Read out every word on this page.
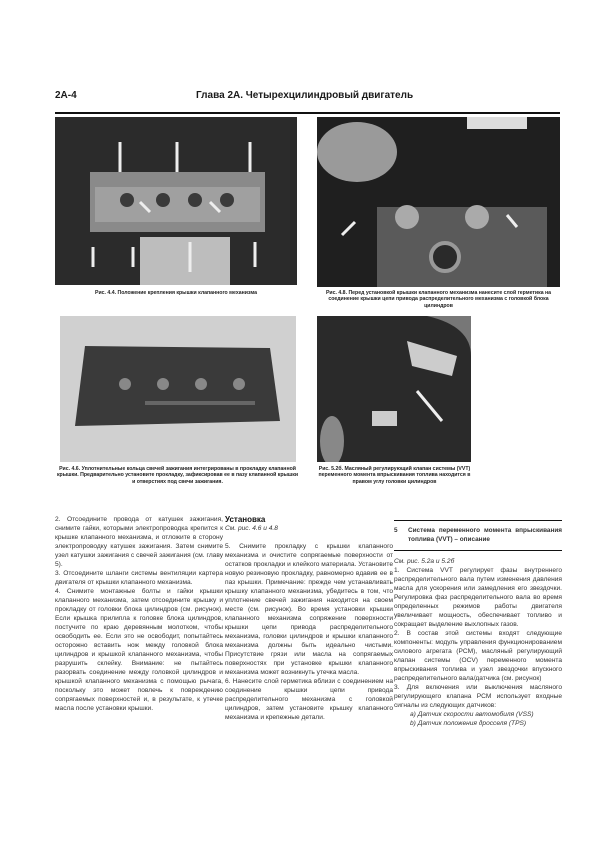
2A-4	Глава 2A. Четырехцилиндровый двигатель
Рис. 4.4. Положение крепления крышки клапанного механизма	Рис. 4.8. Перед установкой крышки клапанного механизма нанесите слой герметика на соединение крышки цепи привода распределительного механизма с головкой блока цилиндров
Рис. 4.6. Уплотнительные кольца свечей зажигания интегрированы в прокладку клапанной крышки. Предварительно установите прокладку, зафиксировав ее в пазу клапанной крышки и отверстиях под свечи зажигания.
Рис. 5.2б. Масляный регулирующий клапан системы (VVT) переменного момента впрыскивания топлива находится в правом углу головки цилиндров

2. Отсоедините провода от катушек зажигания, снимите гайки, которыми электропроводка крепится к крышке клапанного механизма, и отложите в сторону электропроводку катушек зажигания. Затем снимите узел катушки зажигания с свечей зажигания (см. главу 5).

3. Отсоедините шланги системы вентиляции картера двигателя от крышки клапанного механизма.

4. Снимите монтажные болты и гайки крышки клапанного механизма, затем отсоедините крышку и прокладку от головки блока цилиндров (см. рисунок). Если крышка прилипла к головке блока цилиндров, постучите по краю деревянным молотком, чтобы освободить ее. Если это не освободит, попытайтесь осторожно вставить нож между головкой блока цилиндров и крышкой клапанного механизма, чтобы разрушить склейку. Внимание: не пытайтесь разорвать соединение между головкой цилиндров и крышкой клапанного механизма с помощью рычага, поскольку это может повлечь к повреждению сопрягаемых поверхностей и, в результате, к утечке масла после установки крышки.

Установка
См. рис. 4.6 и 4.8

5. Снимите прокладку с крышки клапанного механизма и очистите сопрягаемые поверхности от остатков прокладки и клейкого материала. Установите новую резиновую прокладку, равномерно вдавив ее в паз крышки. Примечание: прежде чем устанавливать крышку клапанного механизма, убедитесь в том, что уплотнение свечей зажигания находится на своем месте (см. рисунок). Во время установки крышки клапанного механизма сопряжение поверхности крышки цепи привода распределительного механизма, головки цилиндров и крышки клапанного механизма должны быть идеально чистыми. Присутствие грязи или масла на сопрягаемых поверхностях при установке крышки клапанного механизма может возникнуть утечка масла.

6. Нанесите слой герметика вблизи с соединением на соединение крышки цепи привода распределительного механизма с головкой цилиндров, затем установите крышку клапанного механизма и крепежные детали.

5	Система переменного момента впрыскивания топлива (VVT) – описание
См. рис. 5.2а и 5.2б

1. Система VVT регулирует фазы внутреннего распределительного вала путем изменения давления масла для ускорения или замедления его звездочки. Регулировка фаз распределительного вала во время определенных режимов работы двигателя увеличивает мощность, обеспечивает топливо и сокращает выделение выхлопных газов.

2. В состав этой системы входят следующие компоненты: модуль управления функционированием силового агрегата (PCM), масляный регулирующий клапан системы (OCV) переменного момента впрыскивания топлива и узел звездочки впускного распределительного вала/датчика (см. рисунок)

3. Для включения или выключения масляного регулирующего клапана PCM использует входные сигналы из следующих датчиков:

a) Датчик скорости автомобиля (VSS)

b) Датчик положения дросселя (TPS)
